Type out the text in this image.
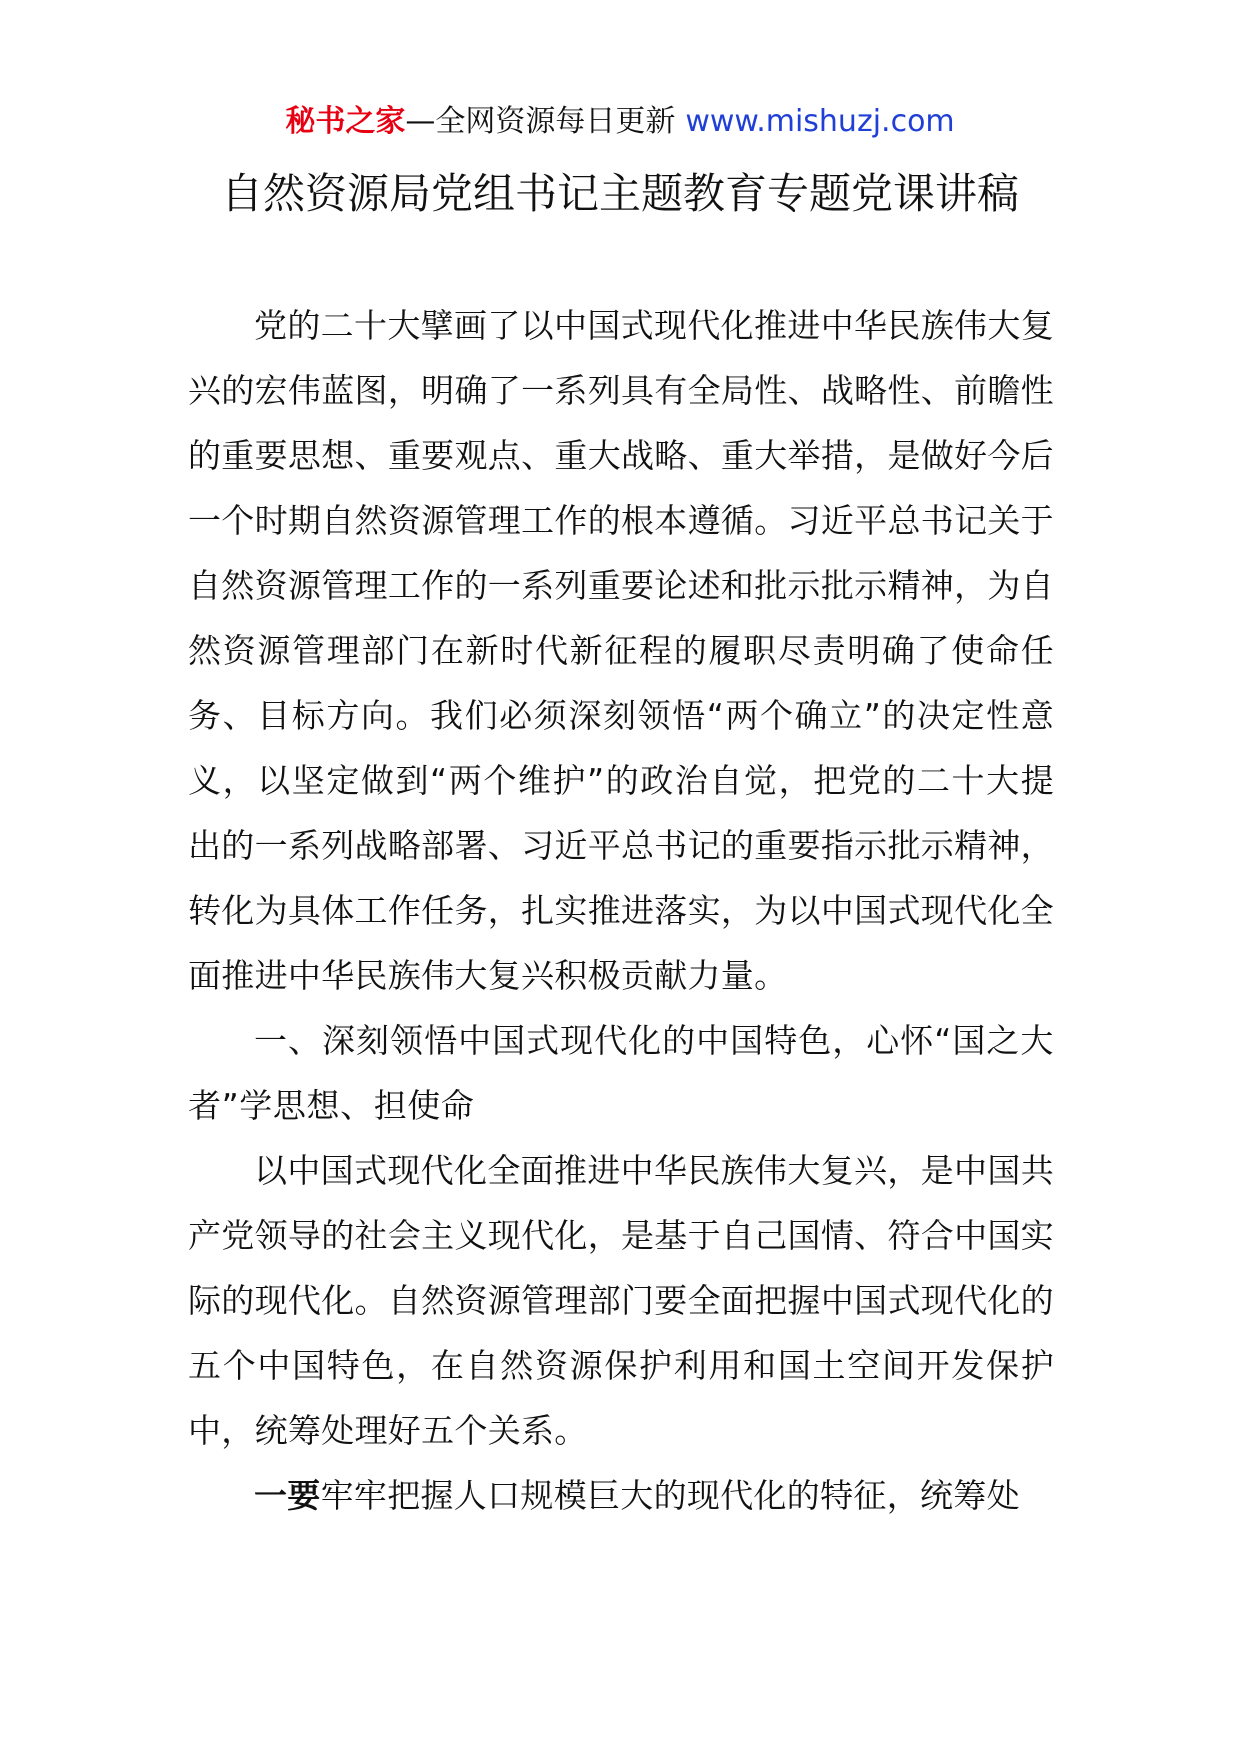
秘书之家—全网资源每日更新 www.mishuzj.com
自然资源局党组书记主题教育专题党课讲稿

党的二十大擘画了以中国式现代化推进中华民族伟大复兴的宏伟蓝图，明确了一系列具有全局性、战略性、前瞻性的重要思想、重要观点、重大战略、重大举措，是做好今后一个时期自然资源管理工作的根本遵循。习近平总书记关于自然资源管理工作的一系列重要论述和批示批示精神，为自然资源管理部门在新时代新征程的履职尽责明确了使命任务、目标方向。我们必须深刻领悟“两个确立”的决定性意义，以坚定做到“两个维护”的政治自觉，把党的二十大提出的一系列战略部署、习近平总书记的重要指示批示精神，转化为具体工作任务，扎实推进落实，为以中国式现代化全面推进中华民族伟大复兴积极贡献力量。

一、深刻领悟中国式现代化的中国特色，心怀“国之大者”学思想、担使命

以中国式现代化全面推进中华民族伟大复兴，是中国共产党领导的社会主义现代化，是基于自己国情、符合中国实际的现代化。自然资源管理部门要全面把握中国式现代化的五个中国特色，在自然资源保护利用和国土空间开发保护中，统筹处理好五个关系。

一要牢牢把握人口规模巨大的现代化的特征，统筹处
